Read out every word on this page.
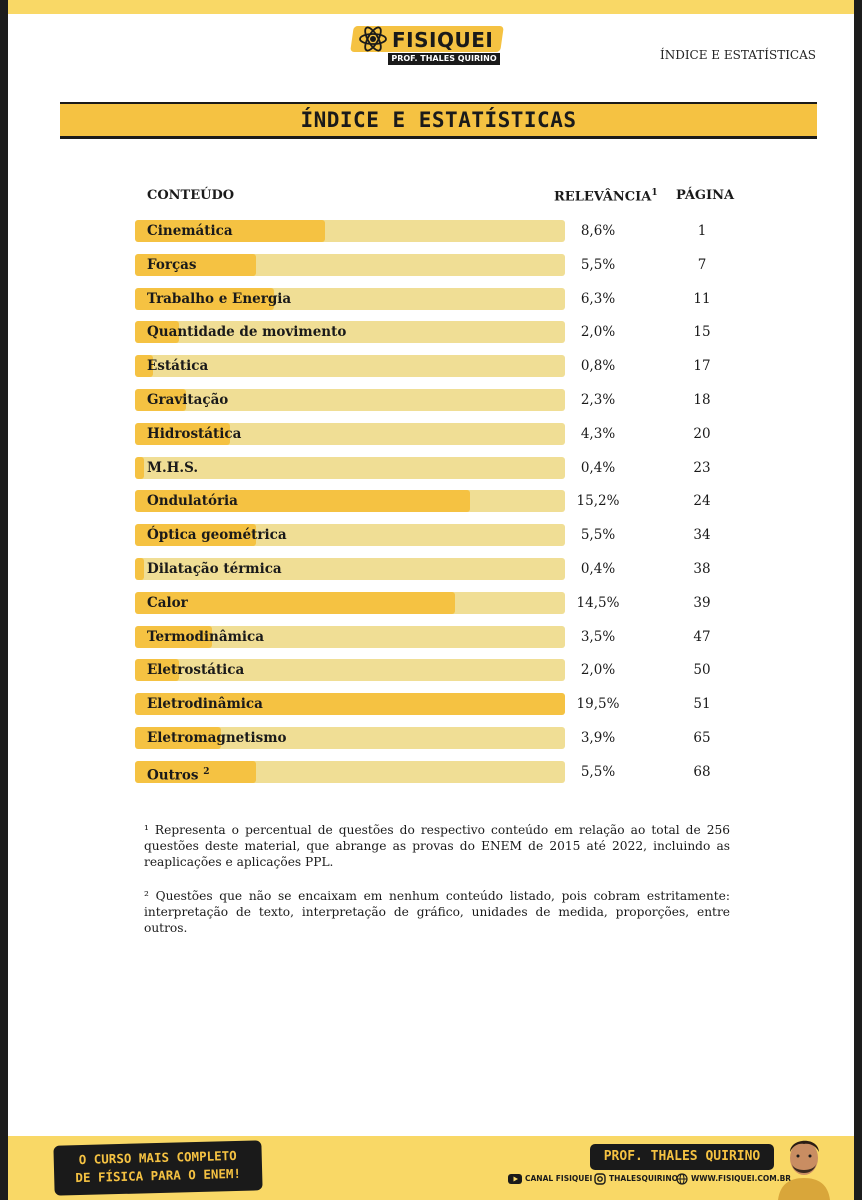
FISIQUEI
PROF. THALES QUIRINO	ÍNDICE E ESTATÍSTICAS
ÍNDICE E ESTATÍSTICAS
CONTEÚDO	RELEVÂNCIA$^1$ PÁGINA
Cinemática	8,6%	1
Forças	5,5%	7
Trabalho e Energia	6,3%	11
Quantidade de movimento	2,0%	15
Estática	0,8%	17
Gravitação	2,3%	18
Hidrostática	4,3%	20
M.H.S.	0,4%	23
Ondulatória	15,2%	24
Óptica geométrica	5,5%	34
Dilatação térmica	0,4%	38
Calor	14,5%	39
Termodinâmica	3,5%	47
Eletrostática	2,0%	50
Eletrodinâmica	19,5%	51
Eletromagnetismo	3,9%	65
Outros $^2$	5,5%	68
¹ Representa o percentual de questões do respectivo conteúdo em relação ao total de 256 questões deste material, que abrange as provas do ENEM de 2015 até 2022, incluindo as reaplicações e aplicações PPL.
² Questões que não se encaixam em nenhum conteúdo listado, pois cobram estritamente: interpretação de texto, interpretação de gráfico, unidades de medida, proporções, entre outros.
O CURSO MAIS COMPLETO
DE FÍSICA PARA O ENEM!
PROF. THALES QUIRINO
CANAL FISIQUEI	THALESQUIRINO	WWW.FISIQUEI.COM.BR
